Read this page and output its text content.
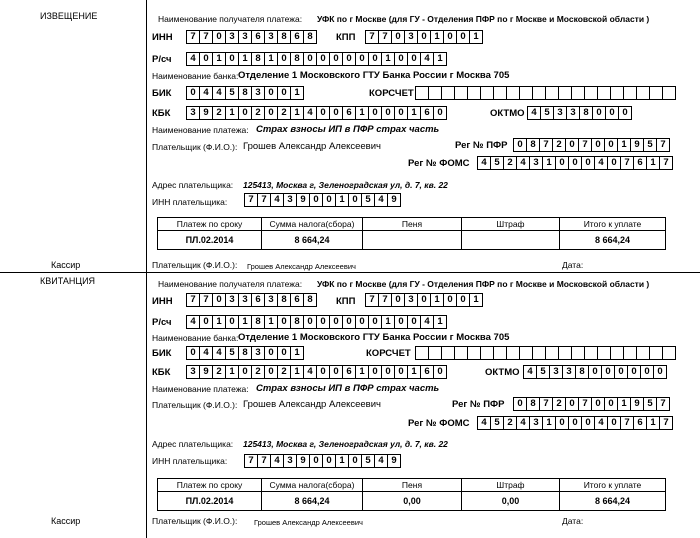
ИЗВЕЩЕНИЕ	Наименование получателя платежа: УФК по г Москве (для ГУ - Отделения ПФР по г Москве и Московской области )
ИНН	7 7 0 3 3 6 3 8 6 8	КПП	7 7 0 3 0 1 0 0 1
Р/сч	4 0 1 0 1 8 1 0 8 0 0 0 0 0 0 1 0 0 4 1
Наименование банка: Отделение 1 Московского ГТУ Банка России г Москва 705
БИК	0 4 4 5 8 3 0 0 1	КОРСЧЕТ
КБК	3 9 2 1 0 2 0 2 1 4 0 0 6 1 0 0 0 1 6 0	ОКТМО 4 5 3 3 8 0 0 0
Наименование платежа: Страх взносы ИП в ПФР страх часть
Плательщик (Ф.И.О.): Грошев Александр Алексеевич	Рег № ПФР	0 8 7 2 0 7 0 0 1 9 5 7
Рег № ФОМС	4 5 2 4 3 1 0 0 0 4 0 7 6 1 7
Адрес плательщика: 125413, Москва г, Зеленоградская ул, д. 7, кв. 22
ИНН плательщика:	7 7 4 3 9 0 0 1 0 5 4 9
Платеж по сроку	Сумма налога(сбора)	Пеня	Штраф	Итого к уплате
ПЛ.02.2014	8 664,24			8 664,24
Кассир	Плательщик (Ф.И.О.): Грошев Александр Алексеевич	Дата:
КВИТАНЦИЯ	Наименование получателя платежа: УФК по г Москве (для ГУ - Отделения ПФР по г Москве и Московской области )
ИНН	7 7 0 3 3 6 3 8 6 8	КПП	7 7 0 3 0 1 0 0 1
Р/сч	4 0 1 0 1 8 1 0 8 0 0 0 0 0 0 1 0 0 4 1
Наименование банка: Отделение 1 Московского ГТУ Банка России г Москва 705
БИК	0 4 4 5 8 3 0 0 1	КОРСЧЕТ
КБК	3 9 2 1 0 2 0 2 1 4 0 0 6 1 0 0 0 1 6 0	ОКТМО 4 5 3 3 8 0 0 0 0 0 0
Наименование платежа: Страх взносы ИП в ПФР страх часть
Плательщик (Ф.И.О.): Грошев Александр Алексеевич	Рег № ПФР	0 8 7 2 0 7 0 0 1 9 5 7
Рег № ФОМС	4 5 2 4 3 1 0 0 0 4 0 7 6 1 7
Адрес плательщика: 125413, Москва г, Зеленоградская ул, д. 7, кв. 22
ИНН плательщика:	7 7 4 3 9 0 0 1 0 5 4 9
Платеж по сроку	Сумма налога(сбора)	Пеня	Штраф	Итого к уплате
ПЛ.02.2014	8 664,24	0,00	0,00	8 664,24
Кассир	Плательщик (Ф.И.О.): Грошев Александр Алексеевич	Дата:
